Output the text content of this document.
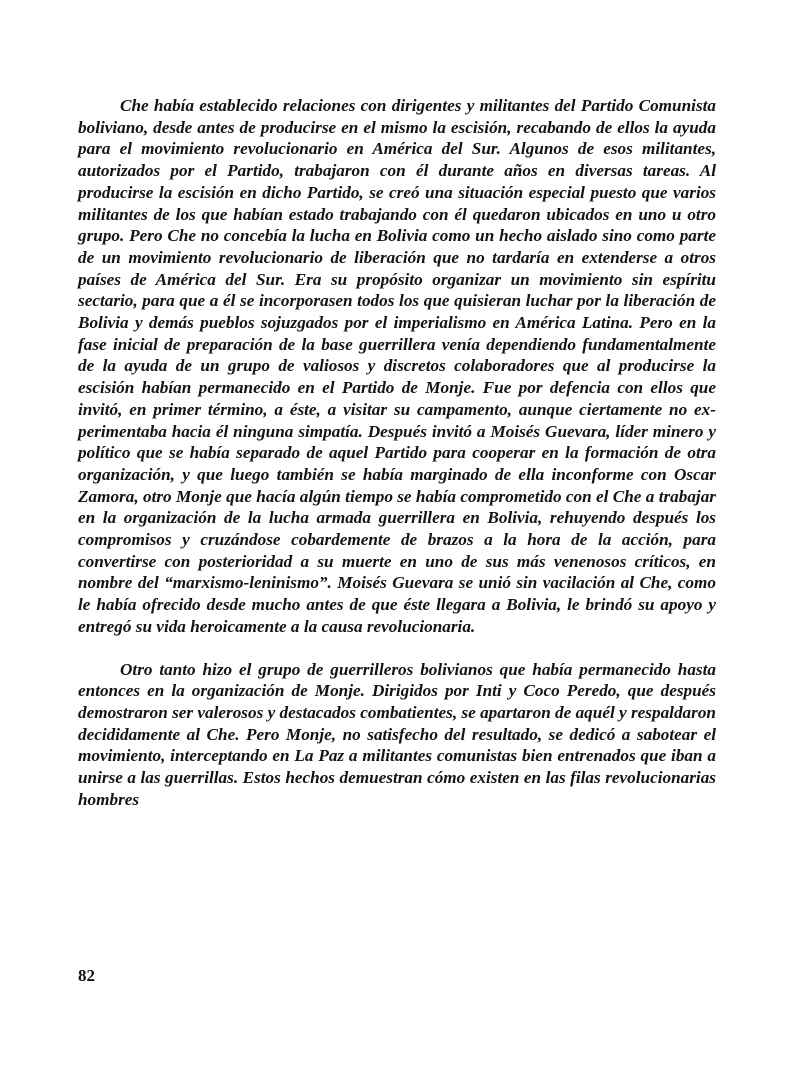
Che había establecido relaciones con dirigentes y militantes del Partido Comunista boliviano, desde antes de producirse en el mismo la escisión, recabando de ellos la ayuda para el movimiento revolucionario en América del Sur. Algunos de esos militantes, autorizados por el Partido, trabajaron con él durante años en diversas tareas. Al producirse la escisión en dicho Partido, se creó una situación especial puesto que varios militantes de los que habían estado trabajando con él quedaron ubicados en uno u otro grupo. Pero Che no concebía la lucha en Bolivia como un hecho aislado sino como parte de un movimiento revolucionario de liberación que no tardaría en extenderse a otros países de América del Sur. Era su propósito organizar un movimiento sin espíritu sectario, para que a él se incorporasen todos los que quisieran luchar por la liberación de Bolivia y demás pueblos sojuzgados por el imperialismo en América Latina. Pero en la fase inicial de preparación de la base guerrillera venía dependiendo fundamentalmente de la ayuda de un grupo de valiosos y discretos colaboradores que al producirse la escisión habían permanecido en el Partido de Monje. Fue por defencia con ellos que invitó, en primer término, a éste, a visitar su campamento, aunque ciertamente no experimentaba hacia él ninguna simpatía. Después invitó a Moisés Guevara, líder minero y político que se había separado de aquel Partido para cooperar en la formación de otra organización, y que luego también se había marginado de ella inconforme con Oscar Zamora, otro Monje que hacía algún tiempo se había comprometido con el Che a trabajar en la organización de la lucha armada guerrillera en Bolivia, rehuyendo después los compromisos y cruzándose cobardemente de brazos a la hora de la acción, para convertirse con posterioridad a su muerte en uno de sus más venenosos críticos, en nombre del “marxismo-leninismo”. Moisés Guevara se unió sin vacilación al Che, como le había ofrecido desde mucho antes de que éste llegara a Bolivia, le brindó su apoyo y entregó su vida heroicamente a la causa revolucionaria.

Otro tanto hizo el grupo de guerrilleros bolivianos que había permanecido hasta entonces en la organización de Monje. Dirigidos por Inti y Coco Peredo, que después demostraron ser valerosos y destacados combatientes, se apartaron de aquél y respaldaron decididamente al Che. Pero Monje, no satisfecho del resultado, se dedicó a sabotear el movimiento, interceptando en La Paz a militantes comunistas bien entrenados que iban a unirse a las guerrillas. Estos hechos demuestran cómo existen en las filas revolucionarias hombres

82
